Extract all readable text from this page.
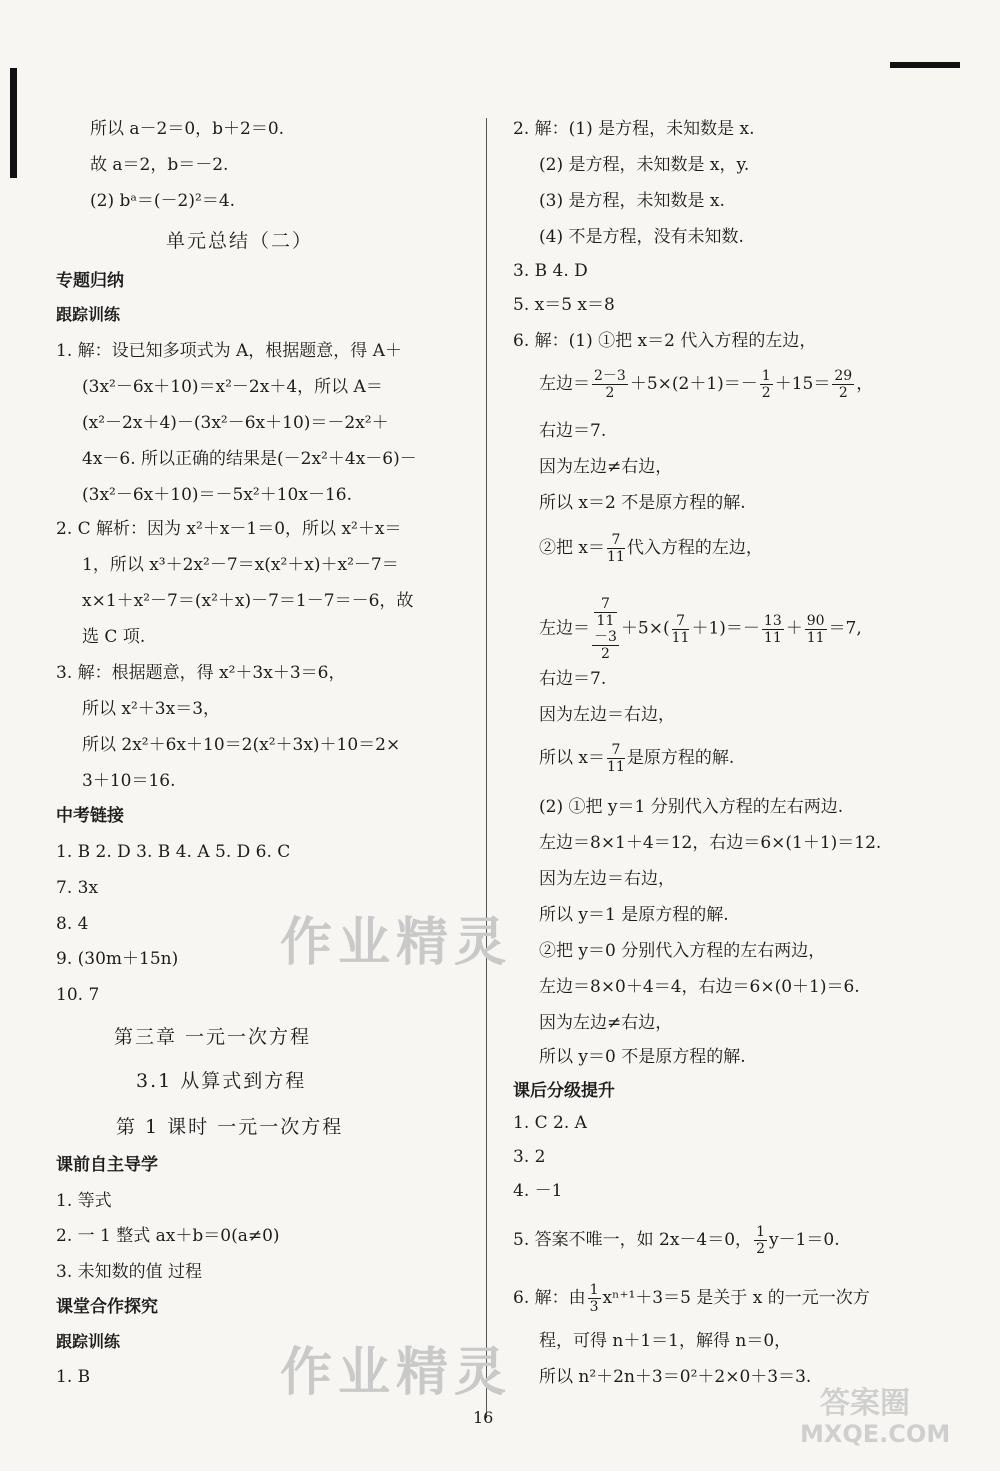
所以 a－2＝0，b＋2＝0.
故 a＝2，b＝－2.
(2) bᵃ＝(－2)²＝4.
单元总结（二）
专题归纳
跟踪训练
1. 解：设已知多项式为 A，根据题意，得 A＋
(3x²－6x＋10)＝x²－2x＋4，所以 A＝
(x²－2x＋4)－(3x²－6x＋10)＝－2x²＋
4x－6. 所以正确的结果是(－2x²＋4x－6)－
(3x²－6x＋10)＝－5x²＋10x－16.
2. C 解析：因为 x²＋x－1＝0，所以 x²＋x＝
1，所以 x³＋2x²－7＝x(x²＋x)＋x²－7＝
x×1＋x²－7＝(x²＋x)－7＝1－7＝－6，故
选 C 项.
3. 解：根据题意，得 x²＋3x＋3＝6，
所以 x²＋3x＝3，
所以 2x²＋6x＋10＝2(x²＋3x)＋10＝2×
3＋10＝16.
中考链接
1. B 2. D 3. B 4. A 5. D 6. C
7. 3x
8. 4
9. (30m＋15n)
10. 7
第三章 一元一次方程
3.1 从算式到方程
第 1 课时 一元一次方程
课前自主导学
1. 等式
2. 一 1 整式 ax＋b＝0(a≠0)
3. 未知数的值 过程
课堂合作探究
跟踪训练
1. B
2. 解：(1) 是方程，未知数是 x.
(2) 是方程，未知数是 x，y.
(3) 是方程，未知数是 x.
(4) 不是方程，没有未知数.
3. B 4. D
5. x＝5 x＝8
6. 解：(1) ①把 x＝2 代入方程的左边，
左边＝ $\frac{2-3}{2} +5\times(2+1)=- \frac{1}{2} +15= \frac{29}{2}$ ，
右边＝7.
因为左边≠右边，
所以 x＝2 不是原方程的解.
②把 $x= \frac{7}{11}$ 代入方程的左边，
左边＝ 7
11
－3
$2 +5\times( \frac{7}{11} +1)=- \frac{13}{11} + \frac{90}{11} =7$,
右边＝7.
因为左边＝右边，
所以 $x= \frac{7}{11}$ 是原方程的解.
(2) ①把 y＝1 分别代入方程的左右两边.
左边＝8×1＋4＝12，右边＝6×(1＋1)＝12.
因为左边＝右边，
所以 y＝1 是原方程的解.
②把 y＝0 分别代入方程的左右两边，
左边＝8×0＋4＝4，右边＝6×(0＋1)＝6.
因为左边≠右边，
所以 y＝0 不是原方程的解.
课后分级提升
1. C 2. A
3. 2
4. －1
5. 答案不唯一，如 2x－4＝0， $\frac{1}{2} y-1=0$.
6. 解：由 $\frac{1}{3} x^{n+1}+3=5$ 是关于 x 的一元一次方
程，可得 n＋1＝1，解得 n＝0，
所以 n²＋2n＋3＝0²＋2×0＋3＝3.
16
作业精灵
作业精灵
答案圈
MXQE.COM
